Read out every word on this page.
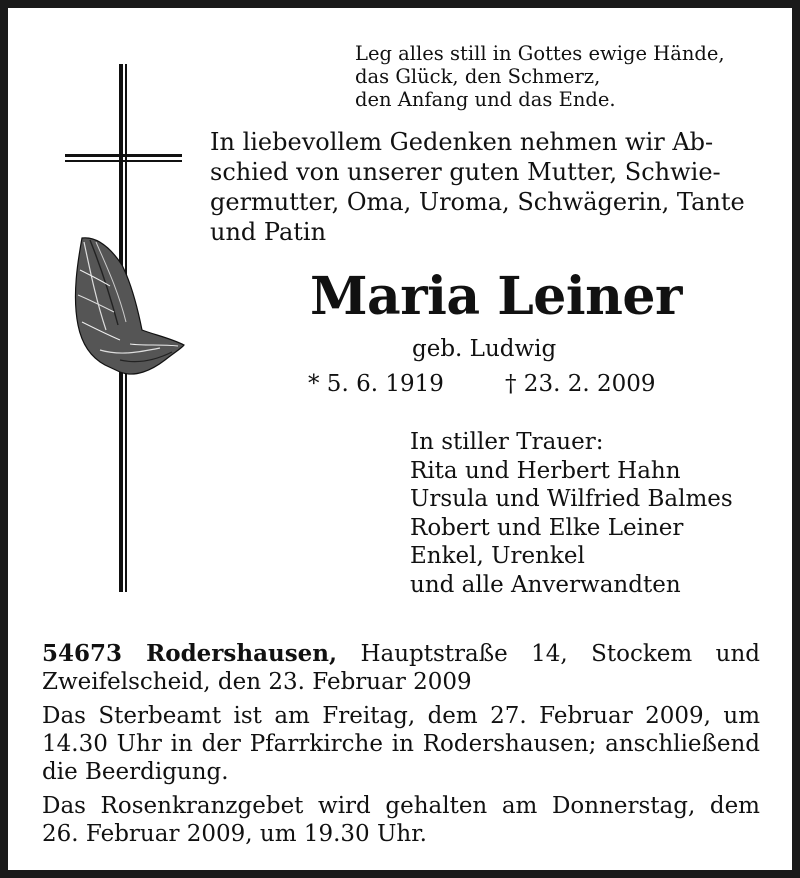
Leg alles still in Gottes ewige Hände,
das Glück, den Schmerz,
den Anfang und das Ende.
In liebevollem Gedenken nehmen wir Ab-
schied von unserer guten Mutter, Schwie-
germutter, Oma, Uroma, Schwägerin, Tante
und Patin
Maria Leiner
geb. Ludwig
* 5. 6. 1919	† 23. 2. 2009
In stiller Trauer:
Rita und Herbert Hahn
Ursula und Wilfried Balmes
Robert und Elke Leiner
Enkel, Urenkel
und alle Anverwandten

54673 Rodershausen, Hauptstraße 14, Stockem und Zweifelscheid, den 23. Februar 2009

Das Sterbeamt ist am Freitag, dem 27. Februar 2009, um 14.30 Uhr in der Pfarrkirche in Rodershausen; anschließend die Beerdigung.

Das Rosenkranzgebet wird gehalten am Donnerstag, dem 26. Februar 2009, um 19.30 Uhr.
